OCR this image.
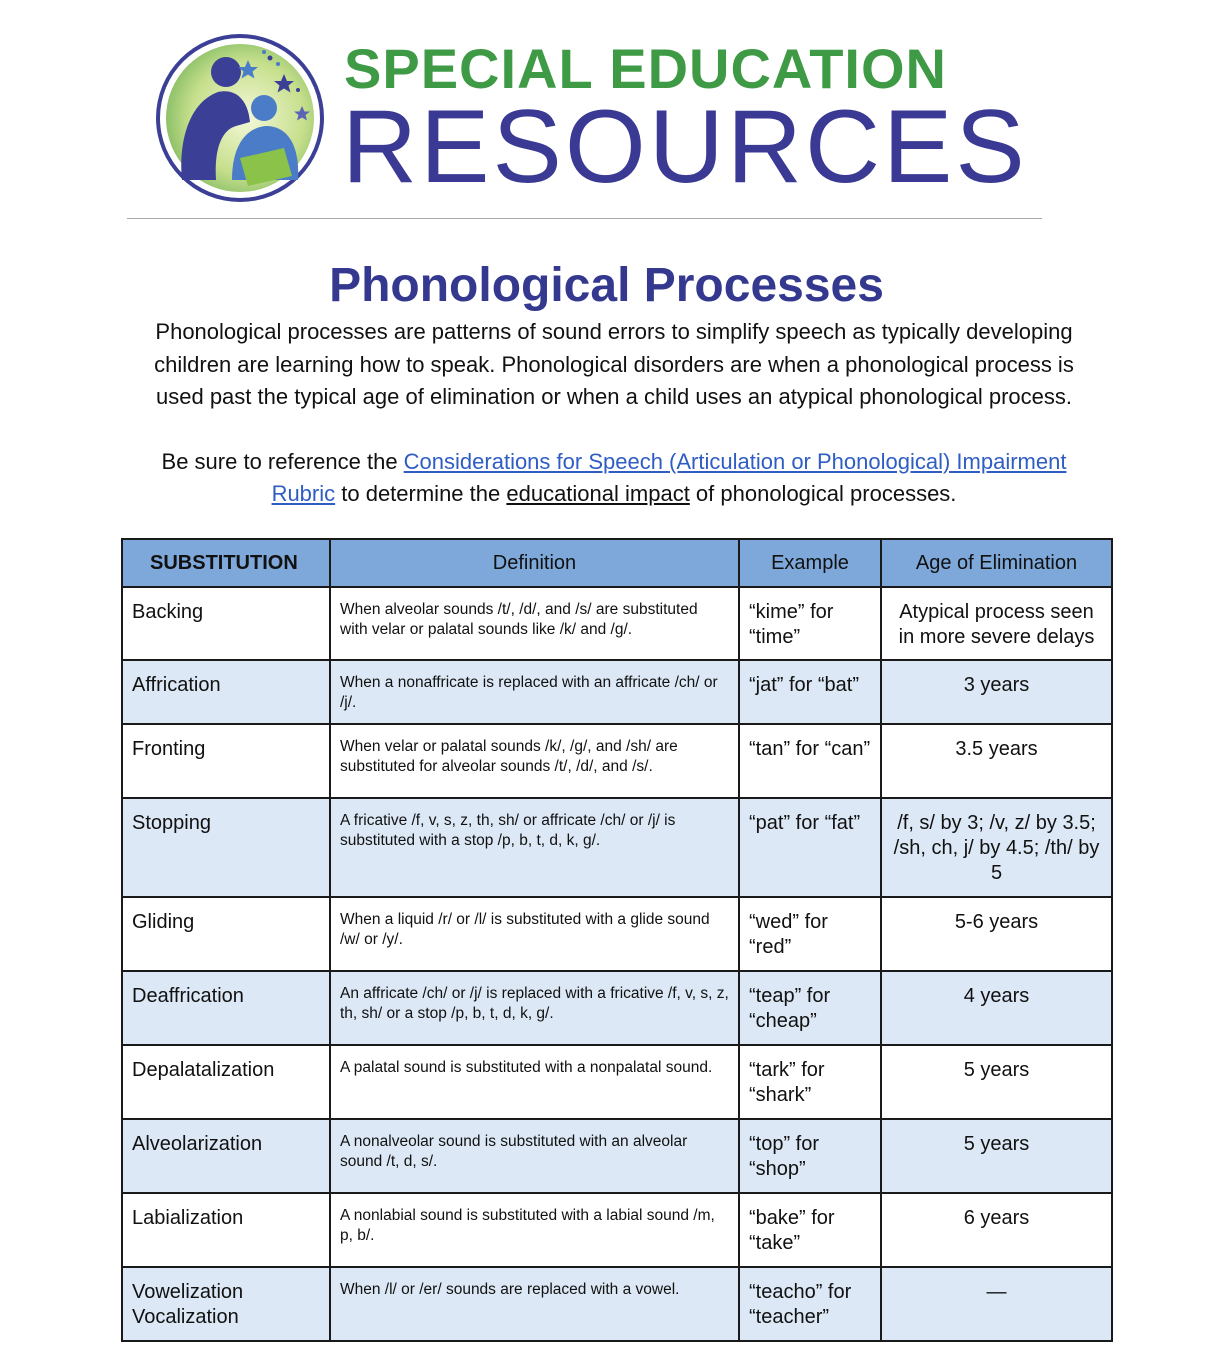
SPECIAL EDUCATION
RESOURCES
Phonological Processes

Phonological processes are patterns of sound errors to simplify speech as typically developing children are learning how to speak. Phonological disorders are when a phonological process is used past the typical age of elimination or when a child uses an atypical phonological process.

Be sure to reference the Considerations for Speech (Articulation or Phonological) Impairment Rubric to determine the educational impact of phonological processes.

SUBSTITUTION	Definition	Example	Age of Elimination
Backing	When alveolar sounds /t/, /d/, and /s/ are substituted with velar or palatal sounds like /k/ and /g/.	“kime” for “time”	Atypical process seen in more severe delays
Affrication	When a nonaffricate is replaced with an affricate /ch/ or /j/.	“jat” for “bat”	3 years
Fronting	When velar or palatal sounds /k/, /g/, and /sh/ are substituted for alveolar sounds /t/, /d/, and /s/.	“tan” for “can”	3.5 years
Stopping	A fricative /f, v, s, z, th, sh/ or affricate /ch/ or /j/ is substituted with a stop /p, b, t, d, k, g/.	“pat” for “fat”	/f, s/ by 3; /v, z/ by 3.5; /sh, ch, j/ by 4.5; /th/ by 5
Gliding	When a liquid /r/ or /l/ is substituted with a glide sound /w/ or /y/.	“wed” for “red”	5-6 years
Deaffrication	An affricate /ch/ or /j/ is replaced with a fricative /f, v, s, z, th, sh/ or a stop /p, b, t, d, k, g/.	“teap” for “cheap”	4 years
Depalatalization	A palatal sound is substituted with a nonpalatal sound.	“tark” for “shark”	5 years
Alveolarization	A nonalveolar sound is substituted with an alveolar sound /t, d, s/.	“top” for “shop”	5 years
Labialization	A nonlabial sound is substituted with a labial sound /m, p, b/.	“bake” for “take”	6 years
Vowelization Vocalization	When /l/ or /er/ sounds are replaced with a vowel.	“teacho” for “teacher”	—
